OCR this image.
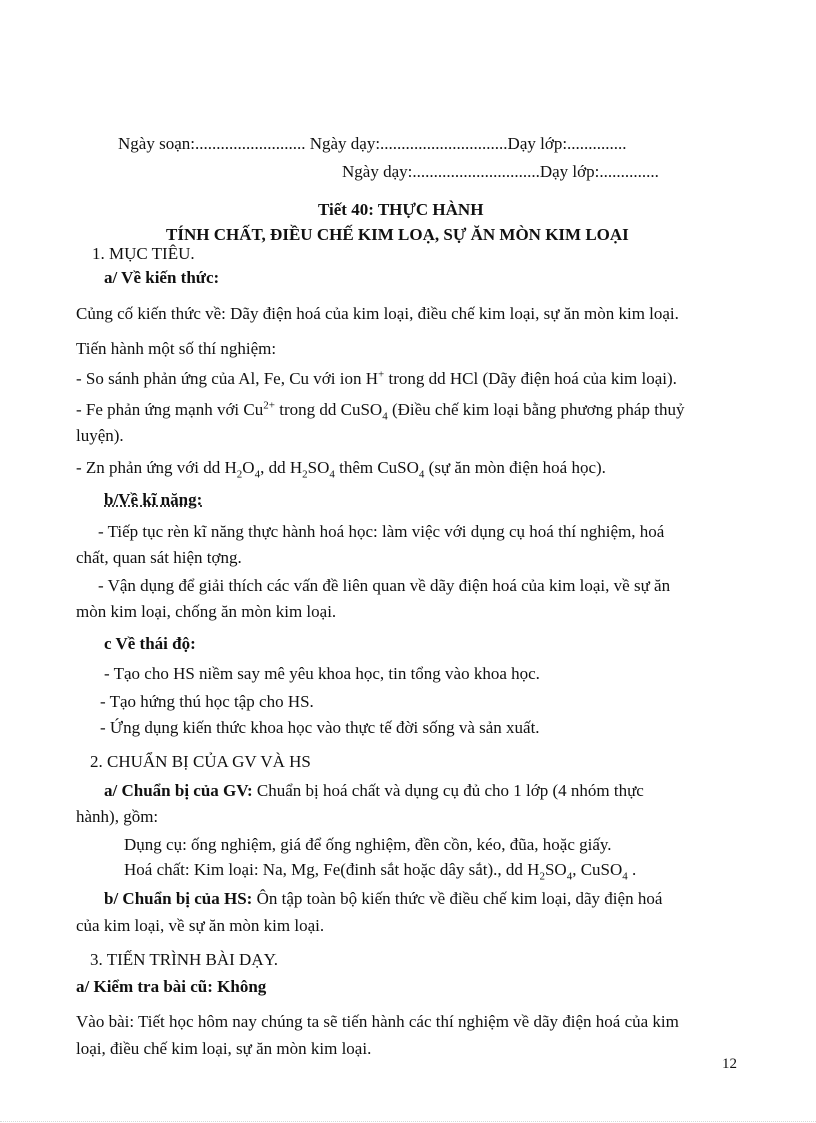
Ngày soạn:.......................... Ngày dạy:..............................Dạy lớp:..............
Ngày dạy:..............................Dạy lớp:..............
Tiết 40: THỰC HÀNH
TÍNH CHẤT, ĐIỀU CHẾ KIM LOẠ, SỰ ĂN MÒN KIM LOẠI
1. MỤC TIÊU.
a/ Về kiến thức:
Củng cố kiến thức về: Dãy điện hoá của kim loại, điều chế kim loại, sự ăn mòn kim loại.
Tiến hành một số thí nghiệm:
- So sánh phản ứng của Al, Fe, Cu với ion H+ trong dd HCl (Dãy điện hoá của kim loại).
- Fe phản ứng mạnh với $Cu^{2+}$ trong dd CuSO$_4$ (Điều chế kim loại bằng phương pháp thuỷ
luyện).
- Zn phản ứng với dd $H_2O_4$, dd $H_2SO_4$ thêm CuSO$_4$ (sự ăn mòn điện hoá học).
b/Về kĩ năng:
- Tiếp tục rèn kĩ năng thực hành hoá học: làm việc với dụng cụ hoá thí nghiệm, hoá
chất, quan sát hiện tợng.
- Vận dụng để giải thích các vấn đề liên quan về dãy điện hoá của kim loại, về sự ăn
mòn kim loại, chống ăn mòn kim loại.
c Về thái độ:
- Tạo cho HS niềm say mê yêu khoa học, tin tổng vào khoa học.
- Tạo hứng thú học tập cho HS.
- Ứng dụng kiến thức khoa học vào thực tế đời sống và sản xuất.
2. CHUẨN BỊ CỦA GV VÀ HS
a/ Chuẩn bị của GV: Chuẩn bị hoá chất và dụng cụ đủ cho 1 lớp (4 nhóm thực
hành), gồm:
Dụng cụ: ống nghiệm, giá để ống nghiệm, đền cồn, kéo, đũa, hoặc giấy.
Hoá chất: Kim loại: Na, Mg, Fe(đinh sắt hoặc dây sắt)., dd $H_2SO_4$, CuSO$_4$ .
b/ Chuẩn bị của HS: Ôn tập toàn bộ kiến thức về điều chế kim loại, dãy điện hoá
của kim loại, về sự ăn mòn kim loại.
3. TIẾN TRÌNH BÀI DẠY.
a/ Kiểm tra bài cũ: Không
Vào bài: Tiết học hôm nay chúng ta sẽ tiến hành các thí nghiệm về dãy điện hoá của kim
loại, điều chế kim loại, sự ăn mòn kim loại.
12
